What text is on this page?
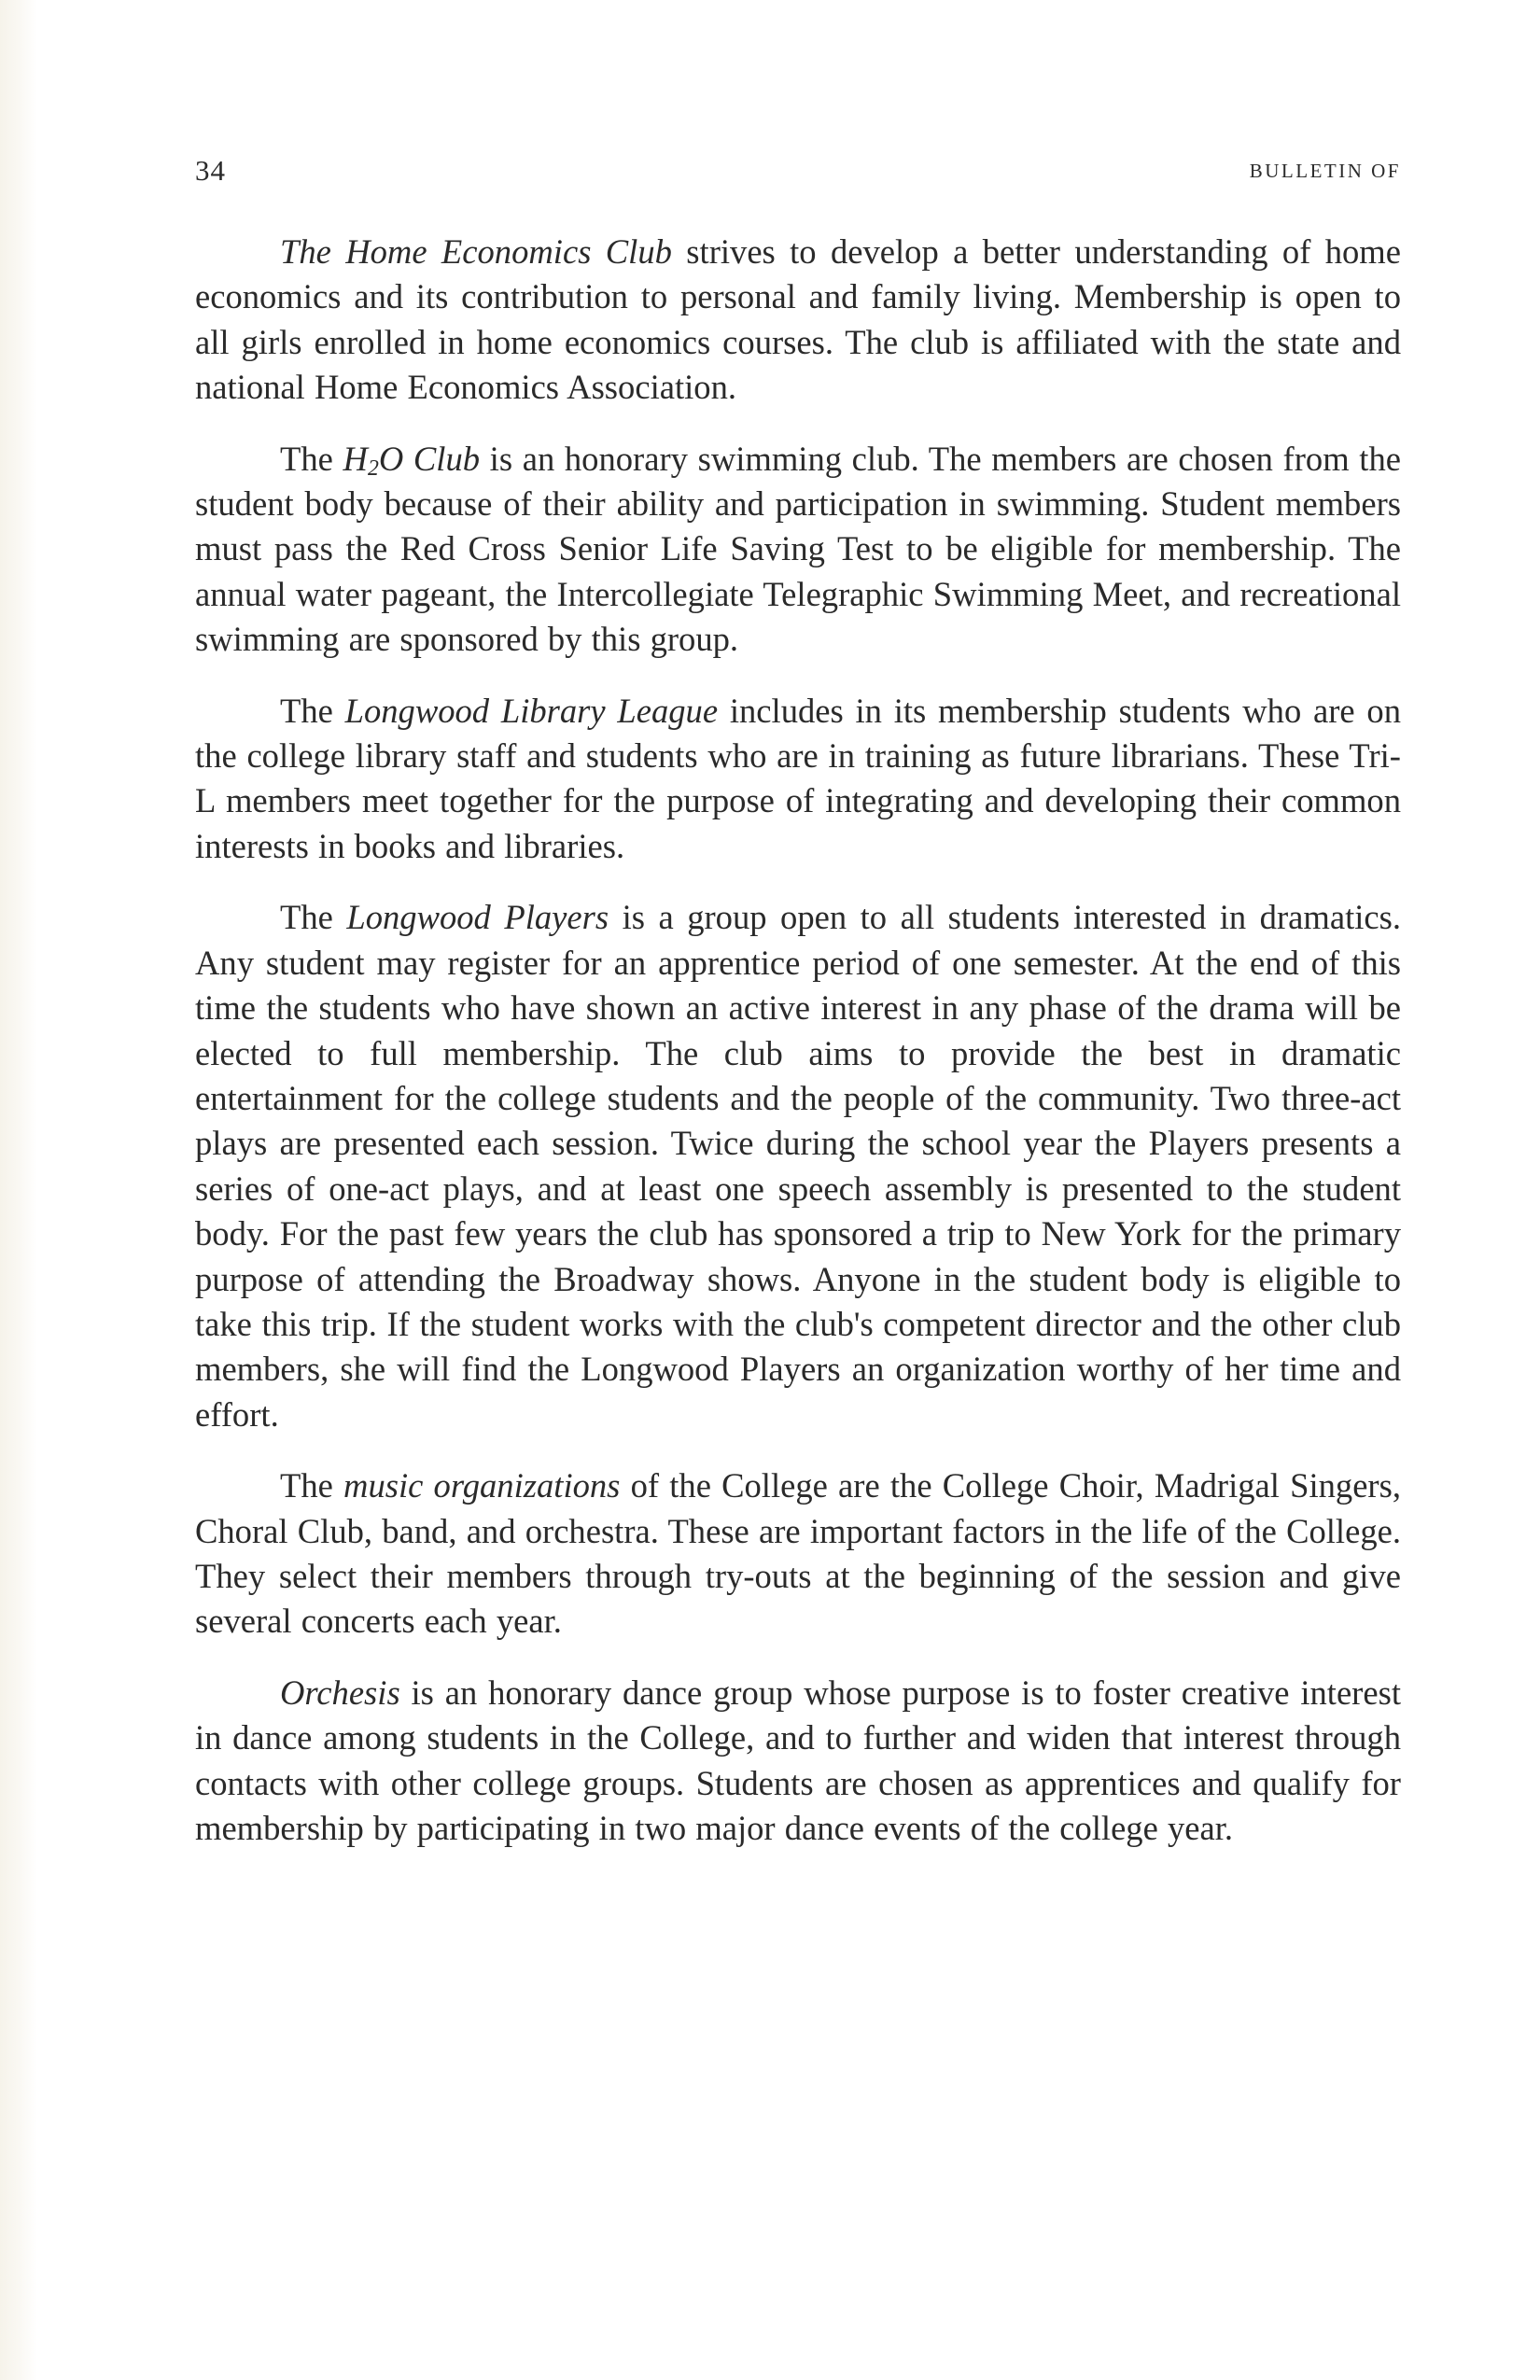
34	BULLETIN OF

The Home Economics Club strives to develop a better understanding of home economics and its contribution to personal and family living. Membership is open to all girls enrolled in home economics courses. The club is affiliated with the state and national Home Economics Association.

The $H_2O$ Club is an honorary swimming club. The members are chosen from the student body because of their ability and participation in swimming. Student members must pass the Red Cross Senior Life Saving Test to be eligible for membership. The annual water pageant, the Intercollegiate Telegraphic Swimming Meet, and recreational swimming are sponsored by this group.

The Longwood Library League includes in its membership students who are on the college library staff and students who are in training as future librarians. These Tri-L members meet together for the purpose of integrating and developing their common interests in books and libraries.

The Longwood Players is a group open to all students interested in dramatics. Any student may register for an apprentice period of one semester. At the end of this time the students who have shown an active interest in any phase of the drama will be elected to full membership. The club aims to provide the best in dramatic entertainment for the college students and the people of the community. Two three-act plays are presented each session. Twice during the school year the Players presents a series of one-act plays, and at least one speech assembly is presented to the student body. For the past few years the club has sponsored a trip to New York for the primary purpose of attending the Broadway shows. Anyone in the student body is eligible to take this trip. If the student works with the club's competent director and the other club members, she will find the Longwood Players an organization worthy of her time and effort.

The music organizations of the College are the College Choir, Madrigal Singers, Choral Club, band, and orchestra. These are important factors in the life of the College. They select their members through try-outs at the beginning of the session and give several concerts each year.

Orchesis is an honorary dance group whose purpose is to foster creative interest in dance among students in the College, and to further and widen that interest through contacts with other college groups. Students are chosen as apprentices and qualify for membership by participating in two major dance events of the college year.
